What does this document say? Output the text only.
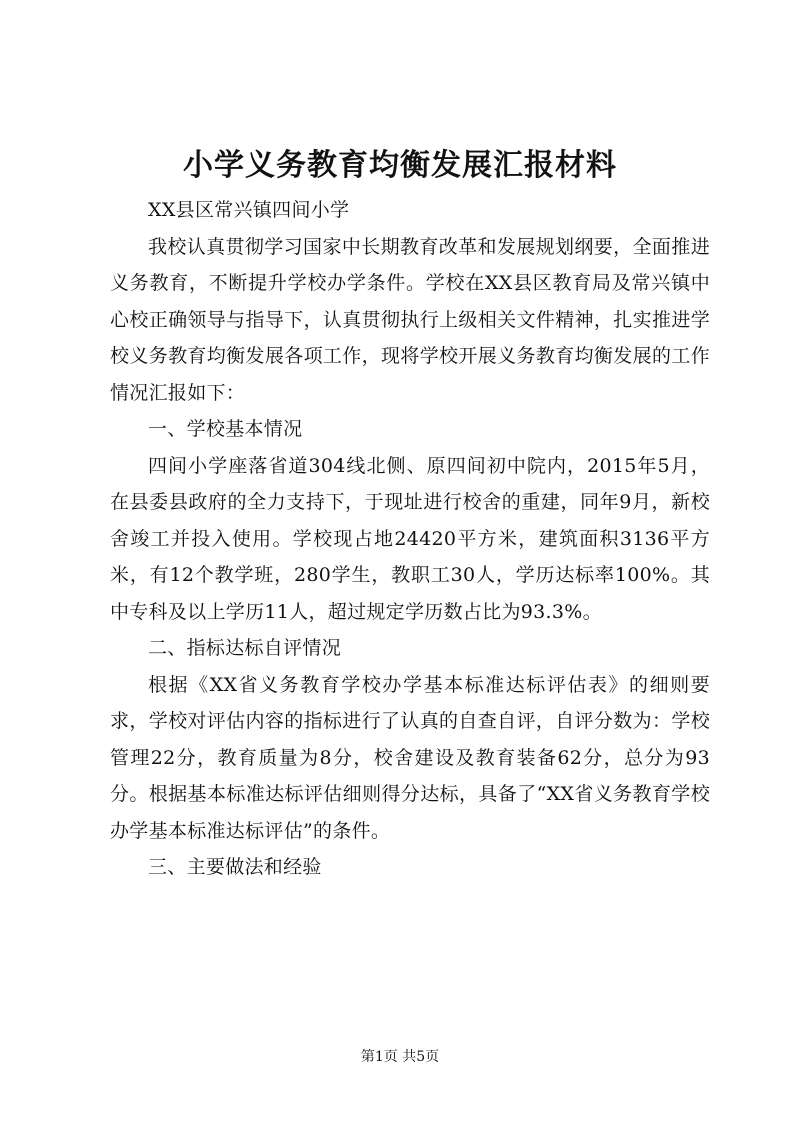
小学义务教育均衡发展汇报材料

XX县区常兴镇四间小学

我校认真贯彻学习国家中长期教育改革和发展规划纲要，全面推进义务教育，不断提升学校办学条件。学校在XX县区教育局及常兴镇中心校正确领导与指导下，认真贯彻执行上级相关文件精神，扎实推进学校义务教育均衡发展各项工作，现将学校开展义务教育均衡发展的工作情况汇报如下：

一、学校基本情况

四间小学座落省道304线北侧、原四间初中院内，2015年5月，在县委县政府的全力支持下，于现址进行校舍的重建，同年9月，新校舍竣工并投入使用。学校现占地24420平方米，建筑面积3136平方米，有12个教学班，280学生，教职工30人，学历达标率100%。其中专科及以上学历11人，超过规定学历数占比为93.3%。

二、指标达标自评情况

根据《XX省义务教育学校办学基本标准达标评估表》的细则要求，学校对评估内容的指标进行了认真的自查自评，自评分数为：学校管理22分，教育质量为8分，校舍建设及教育装备62分，总分为93分。根据基本标准达标评估细则得分达标，具备了“XX省义务教育学校办学基本标准达标评估”的条件。

三、主要做法和经验

第1页 共5页
